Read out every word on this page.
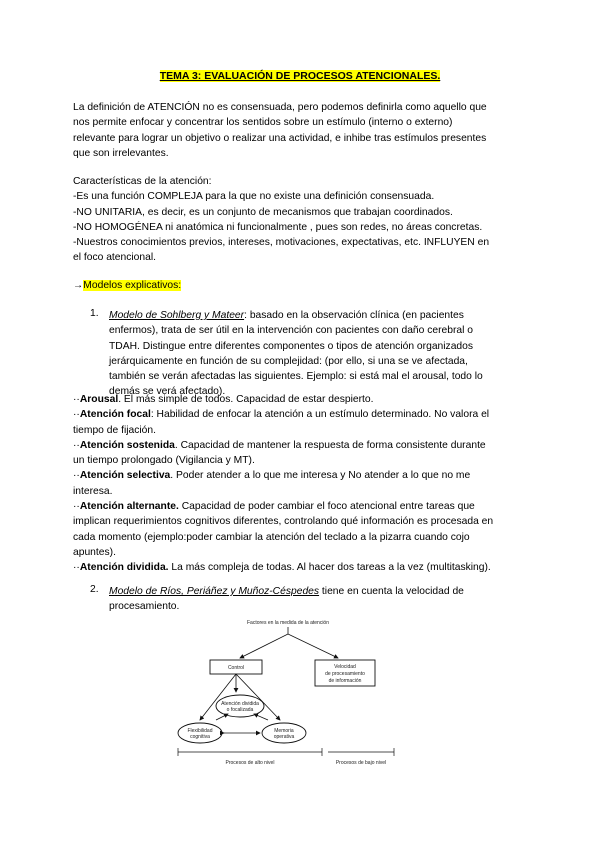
TEMA 3: EVALUACIÓN DE PROCESOS ATENCIONALES.
La definición de ATENCIÓN no es consensuada, pero podemos definirla como aquello que
nos permite enfocar y concentrar los sentidos sobre un estímulo (interno o externo)
relevante para lograr un objetivo o realizar una actividad, e inhibe tras estímulos presentes
que son irrelevantes.
Características de la atención:
-Es una función COMPLEJA para la que no existe una definición consensuada.
-NO UNITARIA, es decir, es un conjunto de mecanismos que trabajan coordinados.
-NO HOMOGÉNEA ni anatómica ni funcionalmente , pues son redes, no áreas concretas.
-Nuestros conocimientos previos, intereses, motivaciones, expectativas, etc. INFLUYEN en
el foco atencional.
→Modelos explicativos:
1. Modelo de Sohlberg y Mateer: basado en la observación clínica (en pacientes
enfermos), trata de ser útil en la intervención con pacientes con daño cerebral o
TDAH. Distingue entre diferentes componentes o tipos de atención organizados
jerárquicamente en función de su complejidad: (por ello, si una se ve afectada,
también se verán afectadas las siguientes. Ejemplo: si está mal el arousal, todo lo
demás se verá afectado).
··Arousal. El más simple de todos. Capacidad de estar despierto.
··Atención focal: Habilidad de enfocar la atención a un estímulo determinado. No valora el
tiempo de fijación.
··Atención sostenida. Capacidad de mantener la respuesta de forma consistente durante
un tiempo prolongado (Vigilancia y MT).
··Atención selectiva. Poder atender a lo que me interesa y No atender a lo que no me
interesa.
··Atención alternante. Capacidad de poder cambiar el foco atencional entre tareas que
implican requerimientos cognitivos diferentes, controlando qué información es procesada en
cada momento (ejemplo:poder cambiar la atención del teclado a la pizarra cuando cojo
apuntes).
··Atención dividida. La más compleja de todas. Al hacer dos tareas a la vez (multitasking).
2. Modelo de Ríos, Periáñez y Muñoz-Céspedes tiene en cuenta la velocidad de
procesamiento.
Factores en la medida de la atención
Control	Velocidad
de procesamiento
de información
Atención dividida
o focalizada
Flexibilidad
cognitiva
Memoria
operativa
Procesos de alto nivel	Procesos de bajo nivel
